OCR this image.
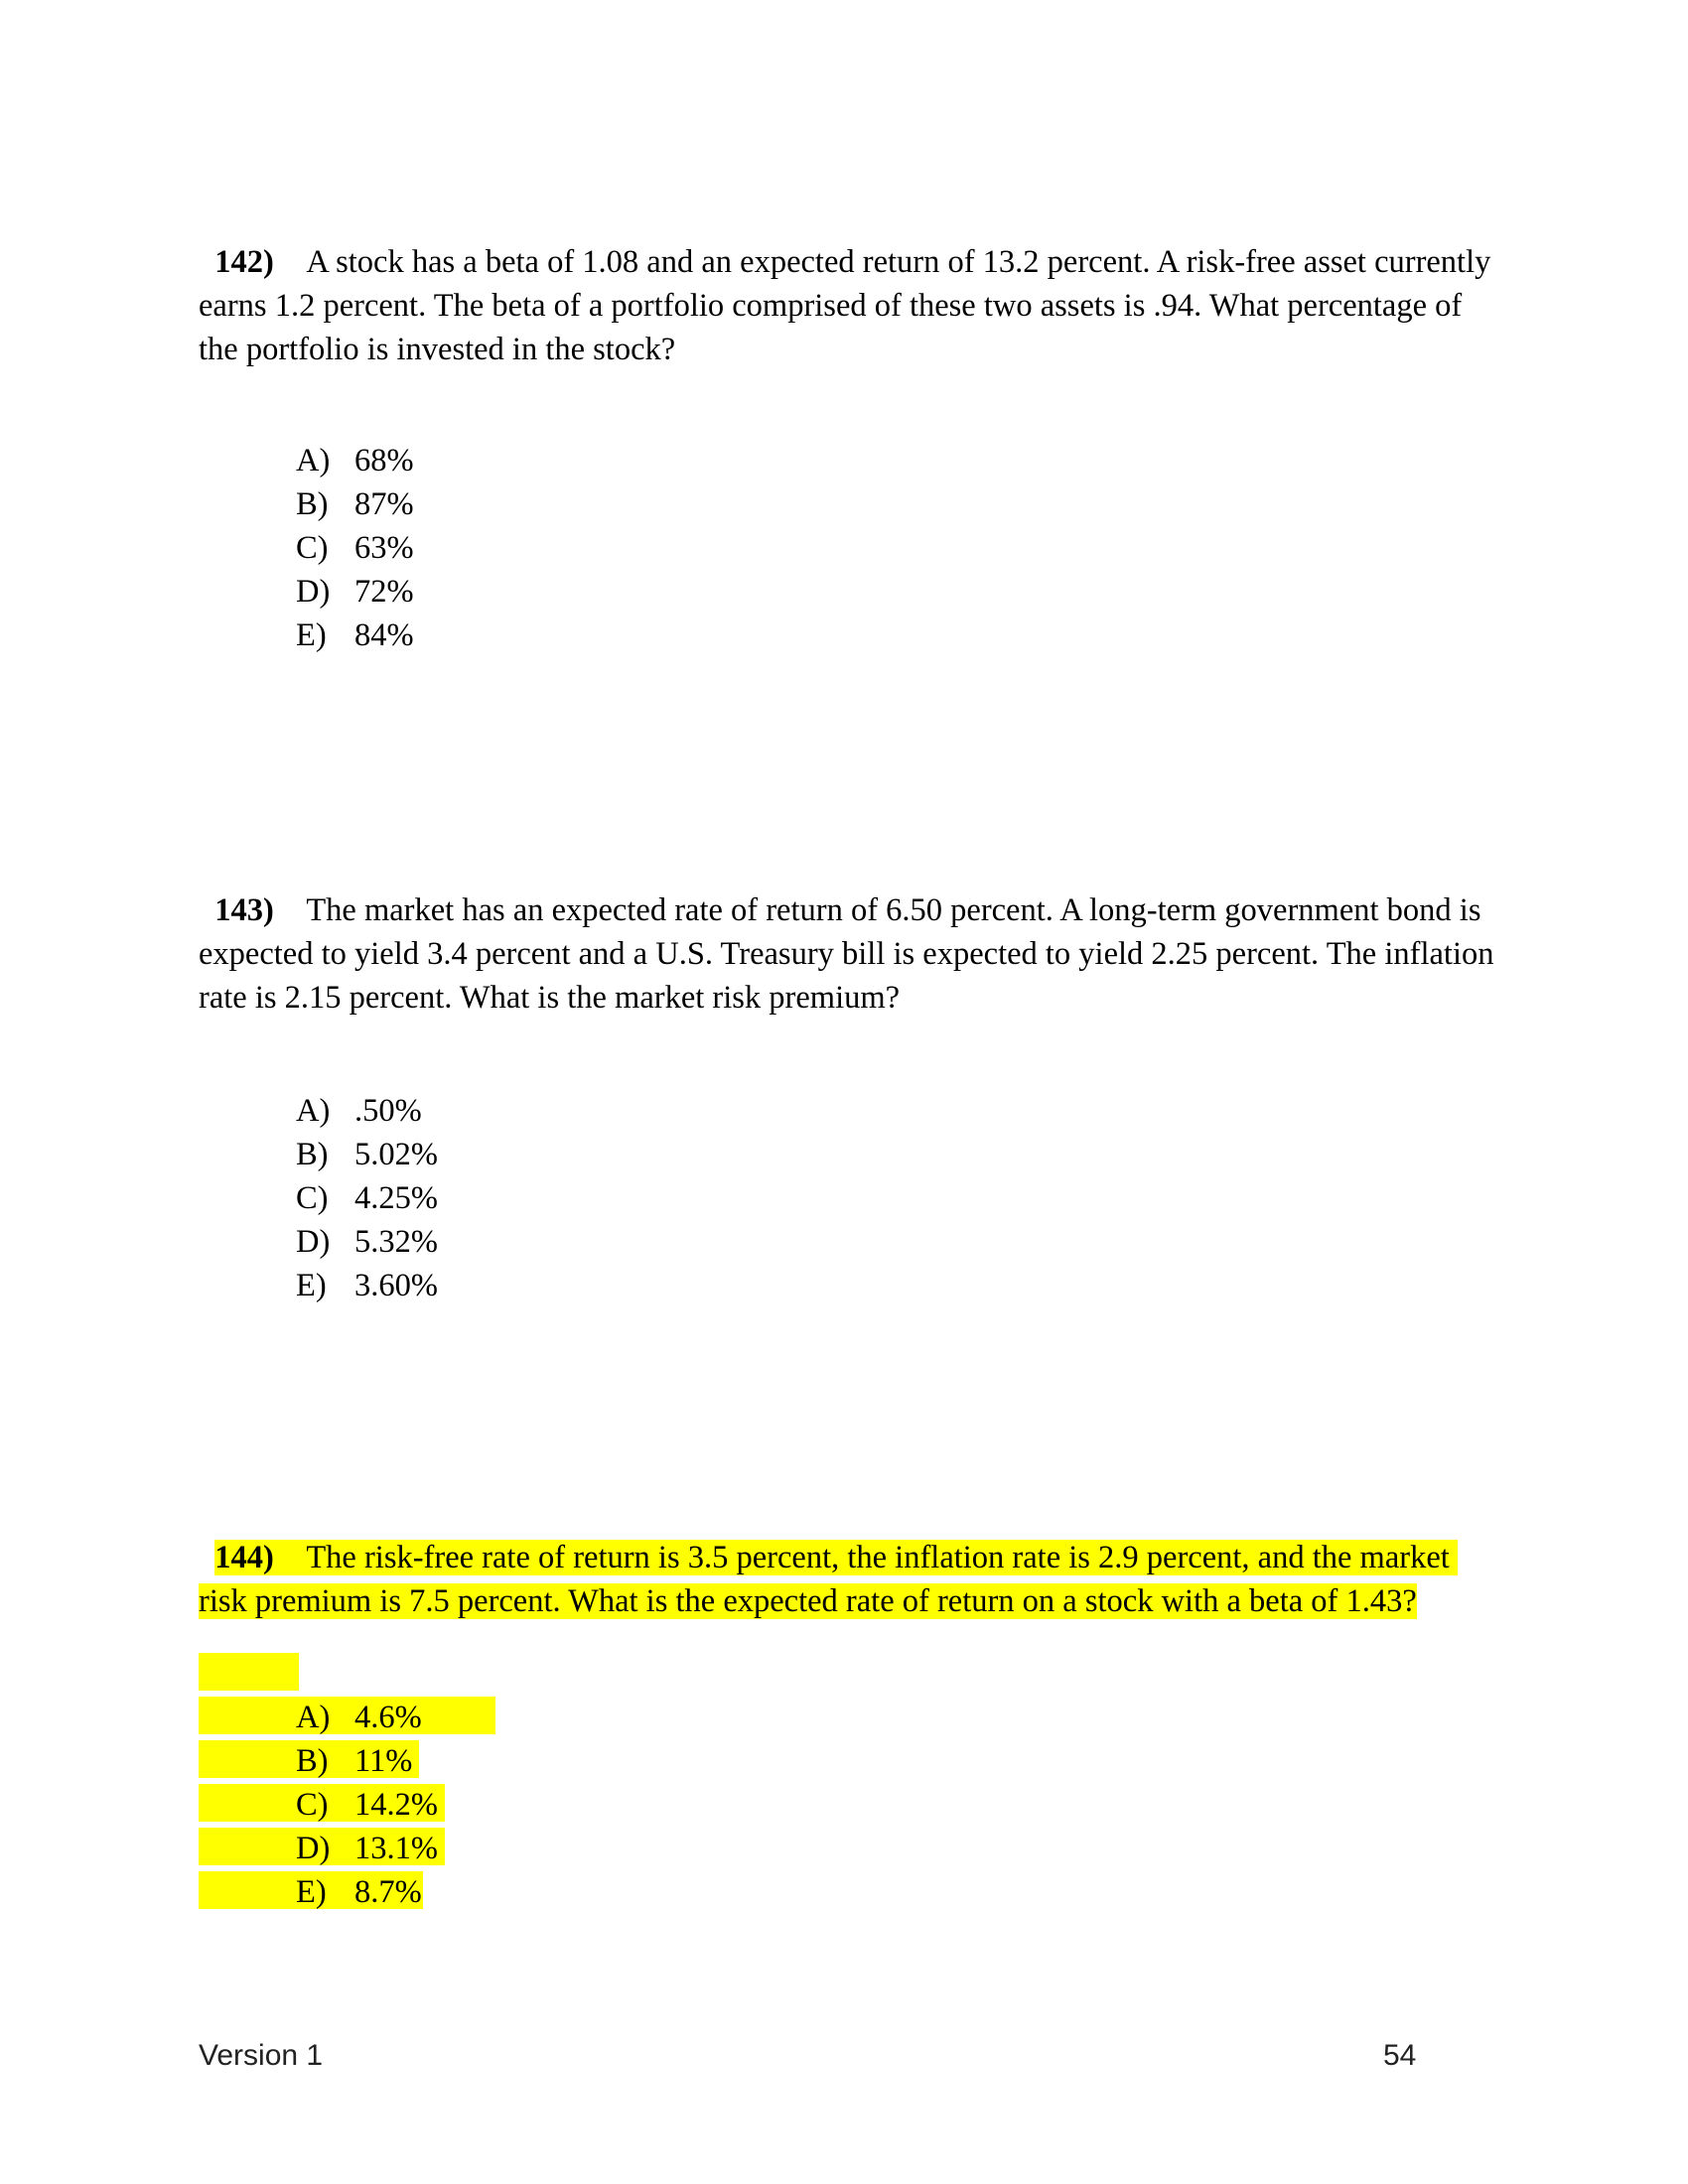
142) A stock has a beta of 1.08 and an expected return of 13.2 percent. A risk-free asset currently earns 1.2 percent. The beta of a portfolio comprised of these two assets is .94. What percentage of the portfolio is invested in the stock?

A) 68%
B) 87%
C) 63%
D) 72%
E) 84%

143) The market has an expected rate of return of 6.50 percent. A long-term government bond is expected to yield 3.4 percent and a U.S. Treasury bill is expected to yield 2.25 percent. The inflation rate is 2.15 percent. What is the market risk premium?

A) .50%
B) 5.02%
C) 4.25%
D) 5.32%
E) 3.60%

144) The risk-free rate of return is 3.5 percent, the inflation rate is 2.9 percent, and the market risk premium is 7.5 percent. What is the expected rate of return on a stock with a beta of 1.43?

A) 4.6%
B) 11%
C) 14.2%
D) 13.1%
E) 8.7%
Version 1	54
